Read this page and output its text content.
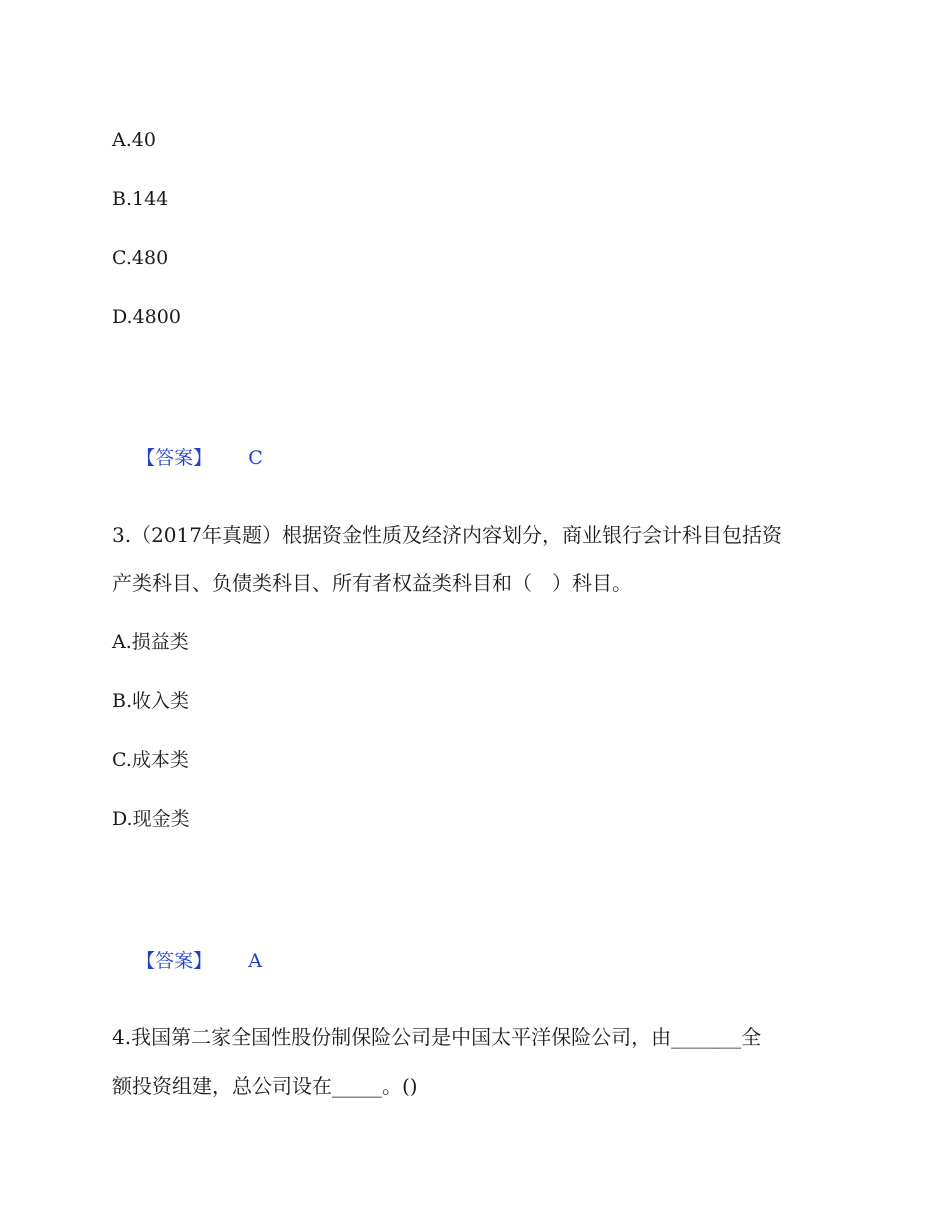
A.40
B.144
C.480
D.4800

【答案】 C

3.（2017年真题）根据资金性质及经济内容划分，商业银行会计科目包括资
产类科目、负债类科目、所有者权益类科目和（　）科目。
A.损益类
B.收入类
C.成本类
D.现金类

【答案】 A

4.我国第二家全国性股份制保险公司是中国太平洋保险公司，由_______全
额投资组建，总公司设在_____。()
